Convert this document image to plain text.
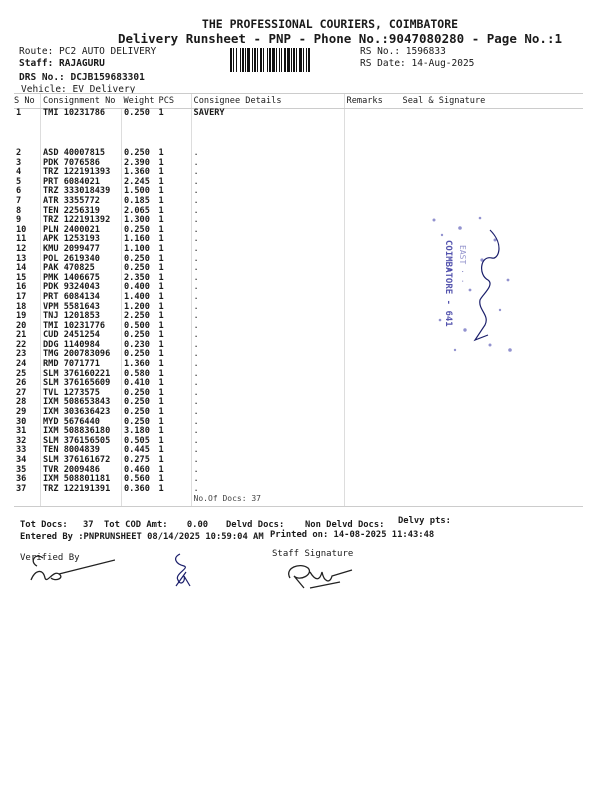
THE PROFESSIONAL COURIERS, COIMBATORE
Delivery Runsheet - PNP - Phone No.:9047080280 - Page No.:1
Route: PC2 AUTO DELIVERY
Staff: RAJAGURU
DRS No.: DCJB159683301
Vehicle: EV Delivery
RS No.: 1596833
RS Date: 14-Aug-2025
S No	Consignment No	Weight	PCS	Consignee Details	Remarks	Seal & Signature
1	TMI 10231786	0.250	1	SAVERY		
2	ASD 40007815	0.250	1	.		
3	PDK 7076586	2.390	1	.		
4	TRZ 122191393	1.360	1	.		
5	PRT 6084021	2.245	1	.		
6	TRZ 333018439	1.500	1	.		
7	ATR 3355772	0.185	1	.		
8	TEN 2256319	2.065	1	.		
9	TRZ 122191392	1.300	1	.		
10	PLN 2400021	0.250	1	.		
11	APK 1253193	1.160	1	.		
12	KMU 2099477	1.100	1	.		
13	POL 2619340	0.250	1	.		
14	PAK 470825	0.250	1	.		
15	PMK 1406675	2.350	1	.		
16	PDK 9324043	0.400	1	.		
17	PRT 6084134	1.400	1	.		
18	VPM 5581643	1.200	1	.		
19	TNJ 1201853	2.250	1	.		
20	TMI 10231776	0.500	1	.		
21	CUD 2451254	0.250	1	.		
22	DDG 1140984	0.230	1	.		
23	TMG 200783096	0.250	1	.		
24	RMD 7071771	1.360	1	.		
25	SLM 376160221	0.580	1	.		
26	SLM 376165609	0.410	1	.		
27	TVL 1273575	0.250	1	.		
28	IXM 508653843	0.250	1	.		
29	IXM 303636423	0.250	1	.		
30	MYD 5676440	0.250	1	.		
31	IXM 508836180	3.180	1	.		
32	SLM 376156505	0.505	1	.		
33	TEN 8004839	0.445	1	.		
34	SLM 376161672	0.275	1	.		
35	TVR 2009486	0.460	1	.		
36	IXM 508801181	0.560	1	.		
37	TRZ 122191391	0.360	1	.		
				No.Of Docs: 37		
COIMBATORE - 641 EAST · ·
Tot Docs: 37 Tot COD Amt: 0.00 Delvd Docs: Non Delvd Docs: Delvy pts:
Entered By :PNPRUNSHEET 08/14/2025 10:59:04 AM Printed on: 14-08-2025 11:43:48
Verified By	Staff Signature
